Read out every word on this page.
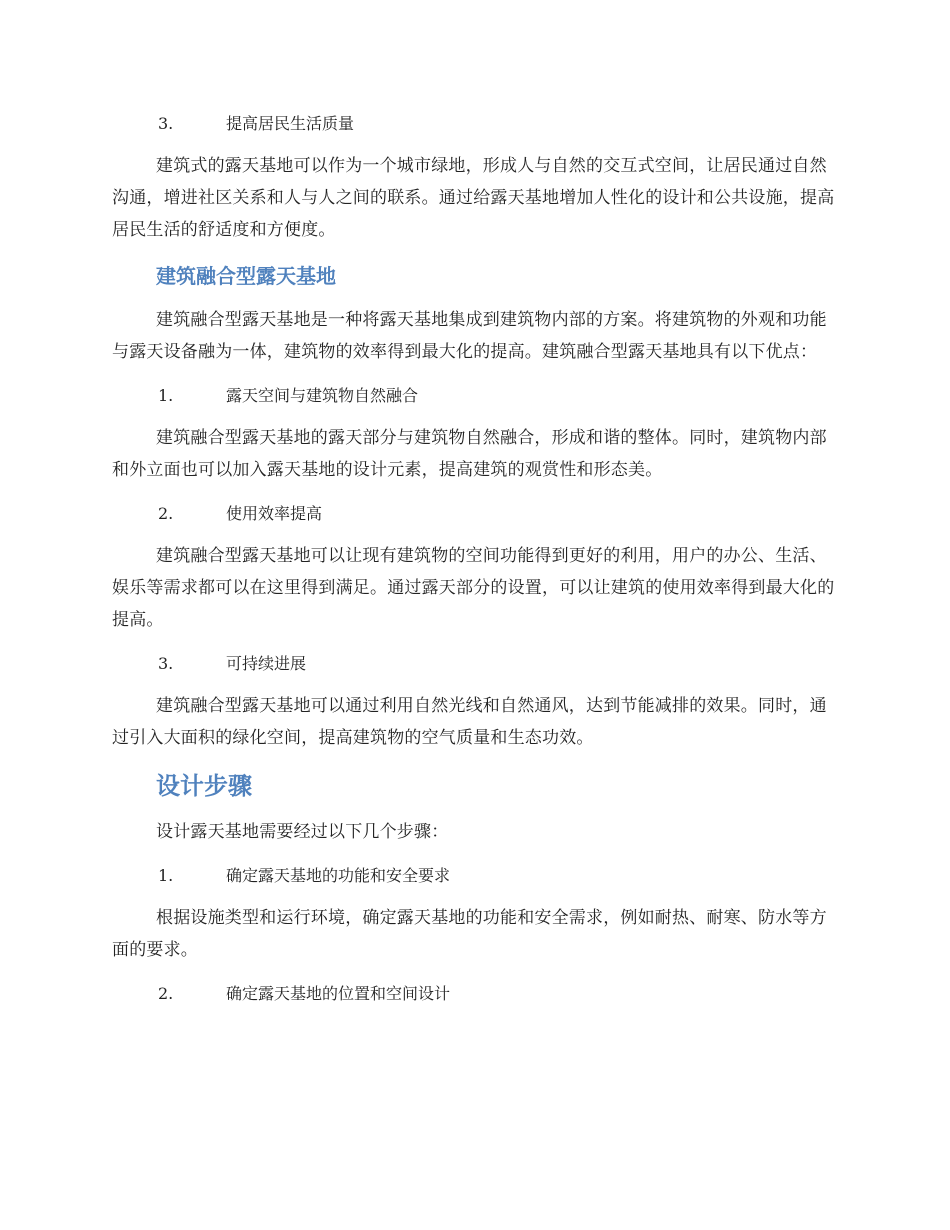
3.	提高居民生活质量

建筑式的露天基地可以作为一个城市绿地，形成人与自然的交互式空间，让居民通过自然沟通，增进社区关系和人与人之间的联系。通过给露天基地增加人性化的设计和公共设施，提高居民生活的舒适度和方便度。

建筑融合型露天基地

建筑融合型露天基地是一种将露天基地集成到建筑物内部的方案。将建筑物的外观和功能与露天设备融为一体，建筑物的效率得到最大化的提高。建筑融合型露天基地具有以下优点：

1.	露天空间与建筑物自然融合

建筑融合型露天基地的露天部分与建筑物自然融合，形成和谐的整体。同时，建筑物内部和外立面也可以加入露天基地的设计元素，提高建筑的观赏性和形态美。

2.	使用效率提高

建筑融合型露天基地可以让现有建筑物的空间功能得到更好的利用，用户的办公、生活、娱乐等需求都可以在这里得到满足。通过露天部分的设置，可以让建筑的使用效率得到最大化的提高。

3.	可持续进展

建筑融合型露天基地可以通过利用自然光线和自然通风，达到节能减排的效果。同时，通过引入大面积的绿化空间，提高建筑物的空气质量和生态功效。

设计步骤

设计露天基地需要经过以下几个步骤：

1.	确定露天基地的功能和安全要求

根据设施类型和运行环境，确定露天基地的功能和安全需求，例如耐热、耐寒、防水等方面的要求。

2.	确定露天基地的位置和空间设计
